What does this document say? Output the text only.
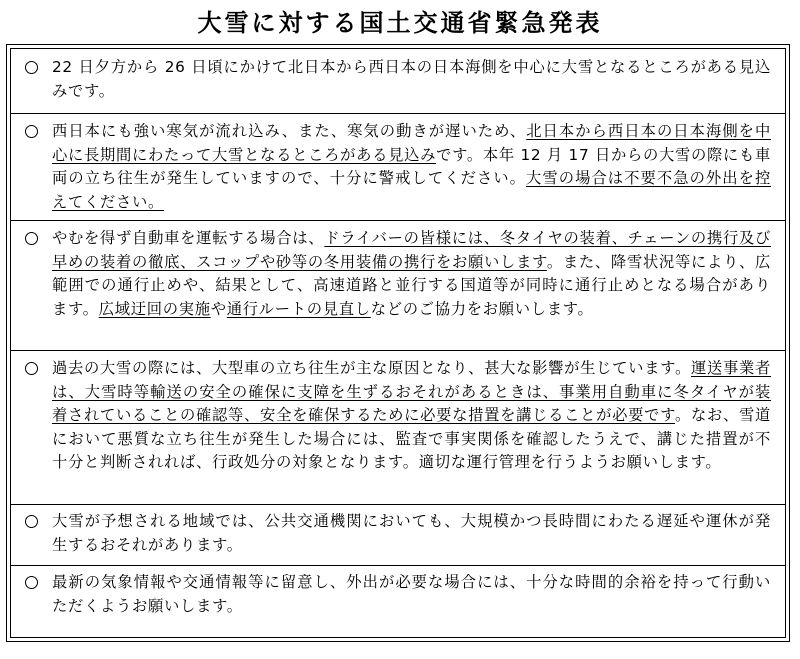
大雪に対する国土交通省緊急発表
22 日夕方から 26 日頃にかけて北日本から西日本の日本海側を中心に大雪となるところがある見込みです。
西日本にも強い寒気が流れ込み、また、寒気の動きが遅いため、北日本から西日本の日本海側を中心に長期間にわたって大雪となるところがある見込みです。本年 12 月 17 日からの大雪の際にも車両の立ち往生が発生していますので、十分に警戒してください。大雪の場合は不要不急の外出を控えてください。
やむを得ず自動車を運転する場合は、ドライバーの皆様には、冬タイヤの装着、チェーンの携行及び早めの装着の徹底、スコップや砂等の冬用装備の携行をお願いします。また、降雪状況等により、広範囲での通行止めや、結果として、高速道路と並行する国道等が同時に通行止めとなる場合があります。広域迂回の実施や通行ルートの見直しなどのご協力をお願いします。
過去の大雪の際には、大型車の立ち往生が主な原因となり、甚大な影響が生じています。運送事業者は、大雪時等輸送の安全の確保に支障を生ずるおそれがあるときは、事業用自動車に冬タイヤが装着されていることの確認等、安全を確保するために必要な措置を講じることが必要です。なお、雪道において悪質な立ち往生が発生した場合には、監査で事実関係を確認したうえで、講じた措置が不十分と判断されれば、行政処分の対象となります。適切な運行管理を行うようお願いします。
大雪が予想される地域では、公共交通機関においても、大規模かつ長時間にわたる遅延や運休が発生するおそれがあります。
最新の気象情報や交通情報等に留意し、外出が必要な場合には、十分な時間的余裕を持って行動いただくようお願いします。
